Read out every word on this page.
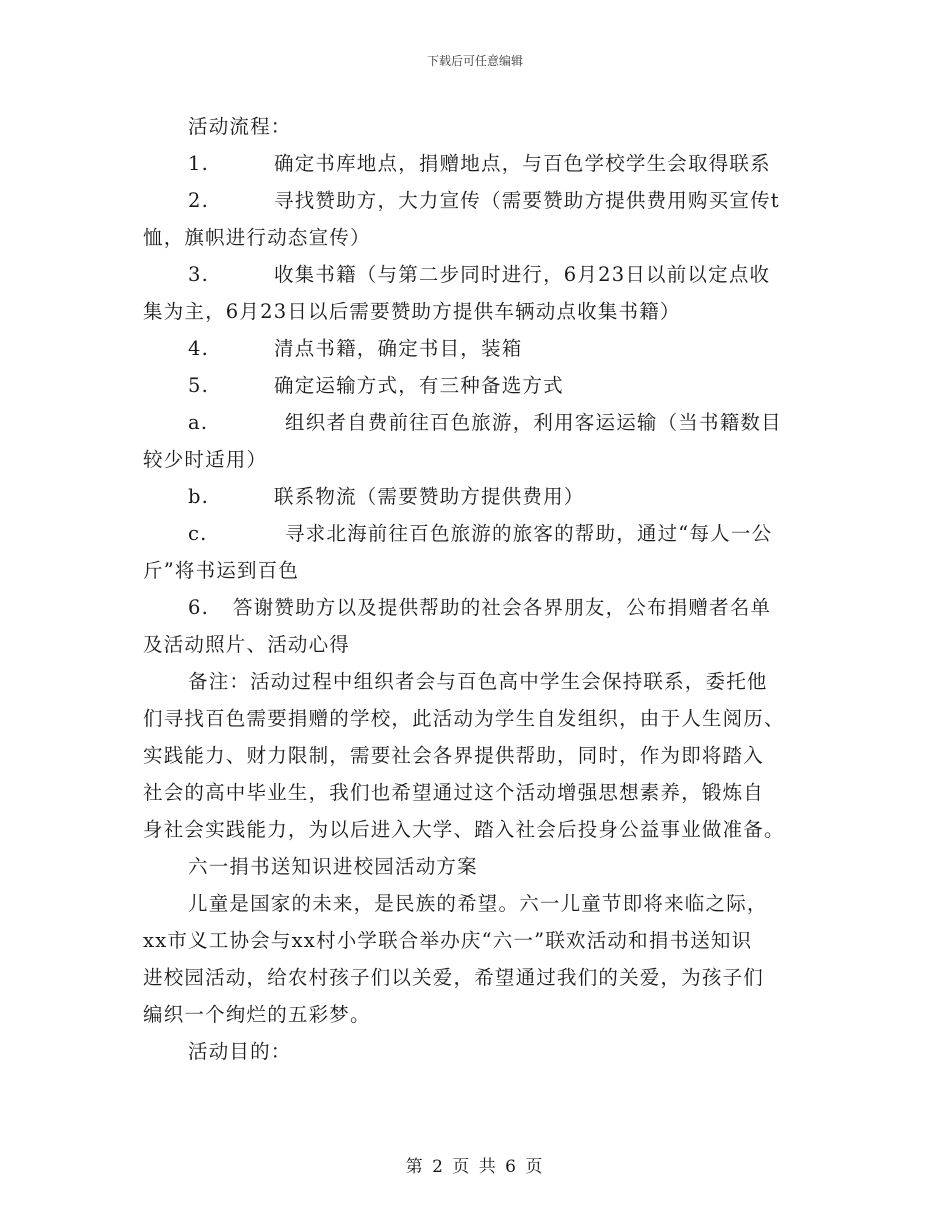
下载后可任意编辑

活动流程：

1.	确定书库地点，捐赠地点，与百色学校学生会取得联系
2.	寻找赞助方，大力宣传（需要赞助方提供费用购买宣传t

恤，旗帜进行动态宣传）

3.	收集书籍（与第二步同时进行，6月23日以前以定点收

集为主，6月23日以后需要赞助方提供车辆动点收集书籍）

4.	清点书籍，确定书目，装箱
5.	确定运输方式，有三种备选方式
a.	组织者自费前往百色旅游，利用客运运输（当书籍数目

较少时适用）

b.	联系物流（需要赞助方提供费用）
c.	寻求北海前往百色旅游的旅客的帮助，通过“每人一公

斤”将书运到百色

6.	答谢赞助方以及提供帮助的社会各界朋友，公布捐赠者名单

及活动照片、活动心得

备注：活动过程中组织者会与百色高中学生会保持联系，委托他

们寻找百色需要捐赠的学校，此活动为学生自发组织，由于人生阅历、

实践能力、财力限制，需要社会各界提供帮助，同时，作为即将踏入

社会的高中毕业生，我们也希望通过这个活动增强思想素养，锻炼自

身社会实践能力，为以后进入大学、踏入社会后投身公益事业做准备。

六一捐书送知识进校园活动方案

儿童是国家的未来，是民族的希望。六一儿童节即将来临之际，

xx市义工协会与xx村小学联合举办庆“六一”联欢活动和捐书送知识

进校园活动，给农村孩子们以关爱，希望通过我们的关爱，为孩子们

编织一个绚烂的五彩梦。

活动目的：

第 2 页 共 6 页
